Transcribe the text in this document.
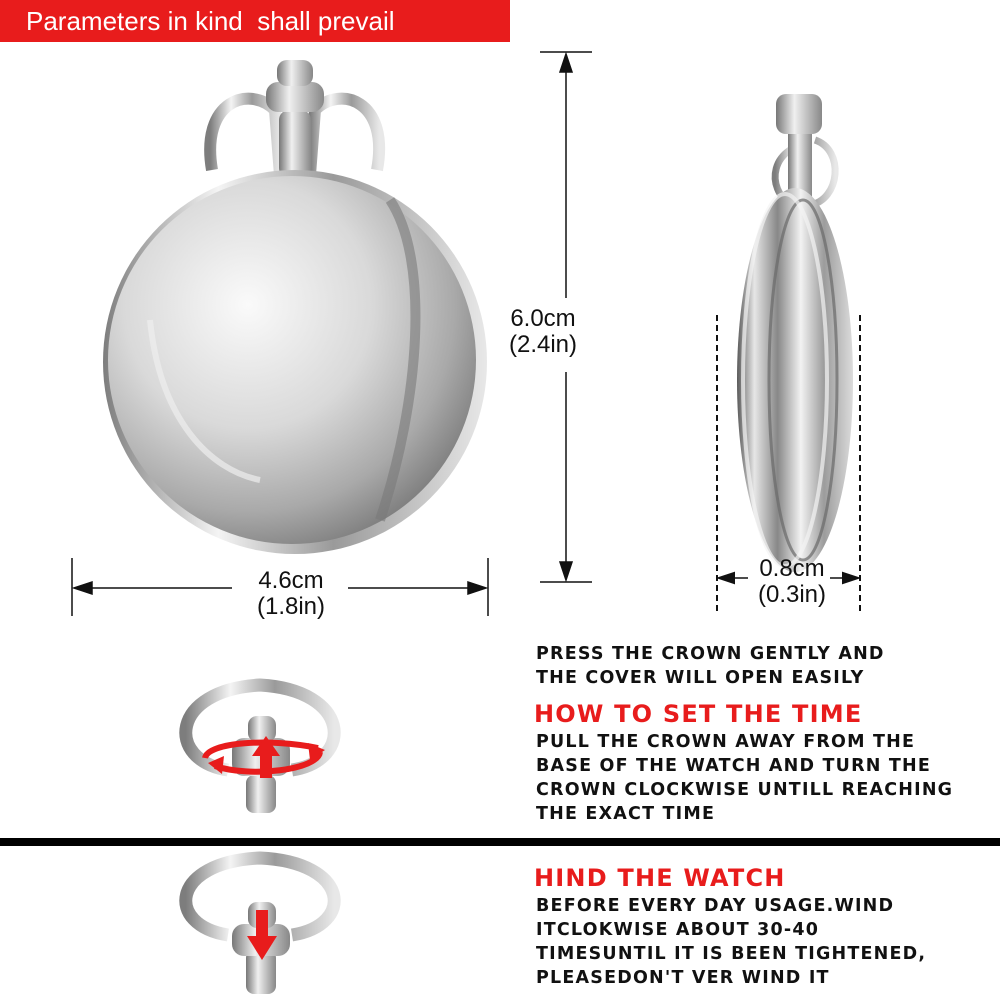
Parameters in kind  shall prevail
6.0cm
(2.4in)
4.6cm
(1.8in)
0.8cm
(0.3in)
PRESS THE CROWN GENTLY AND
THE COVER WILL OPEN EASILY
HOW TO SET THE TIME
PULL THE CROWN AWAY FROM THE
BASE OF THE WATCH AND TURN THE
CROWN CLOCKWISE UNTILL REACHING
THE EXACT TIME
HIND THE WATCH
BEFORE EVERY DAY USAGE.WIND
ITCLOKWISE ABOUT 30-40
TIMESUNTIL IT IS BEEN TIGHTENED,
PLEASEDON'T VER WIND IT
